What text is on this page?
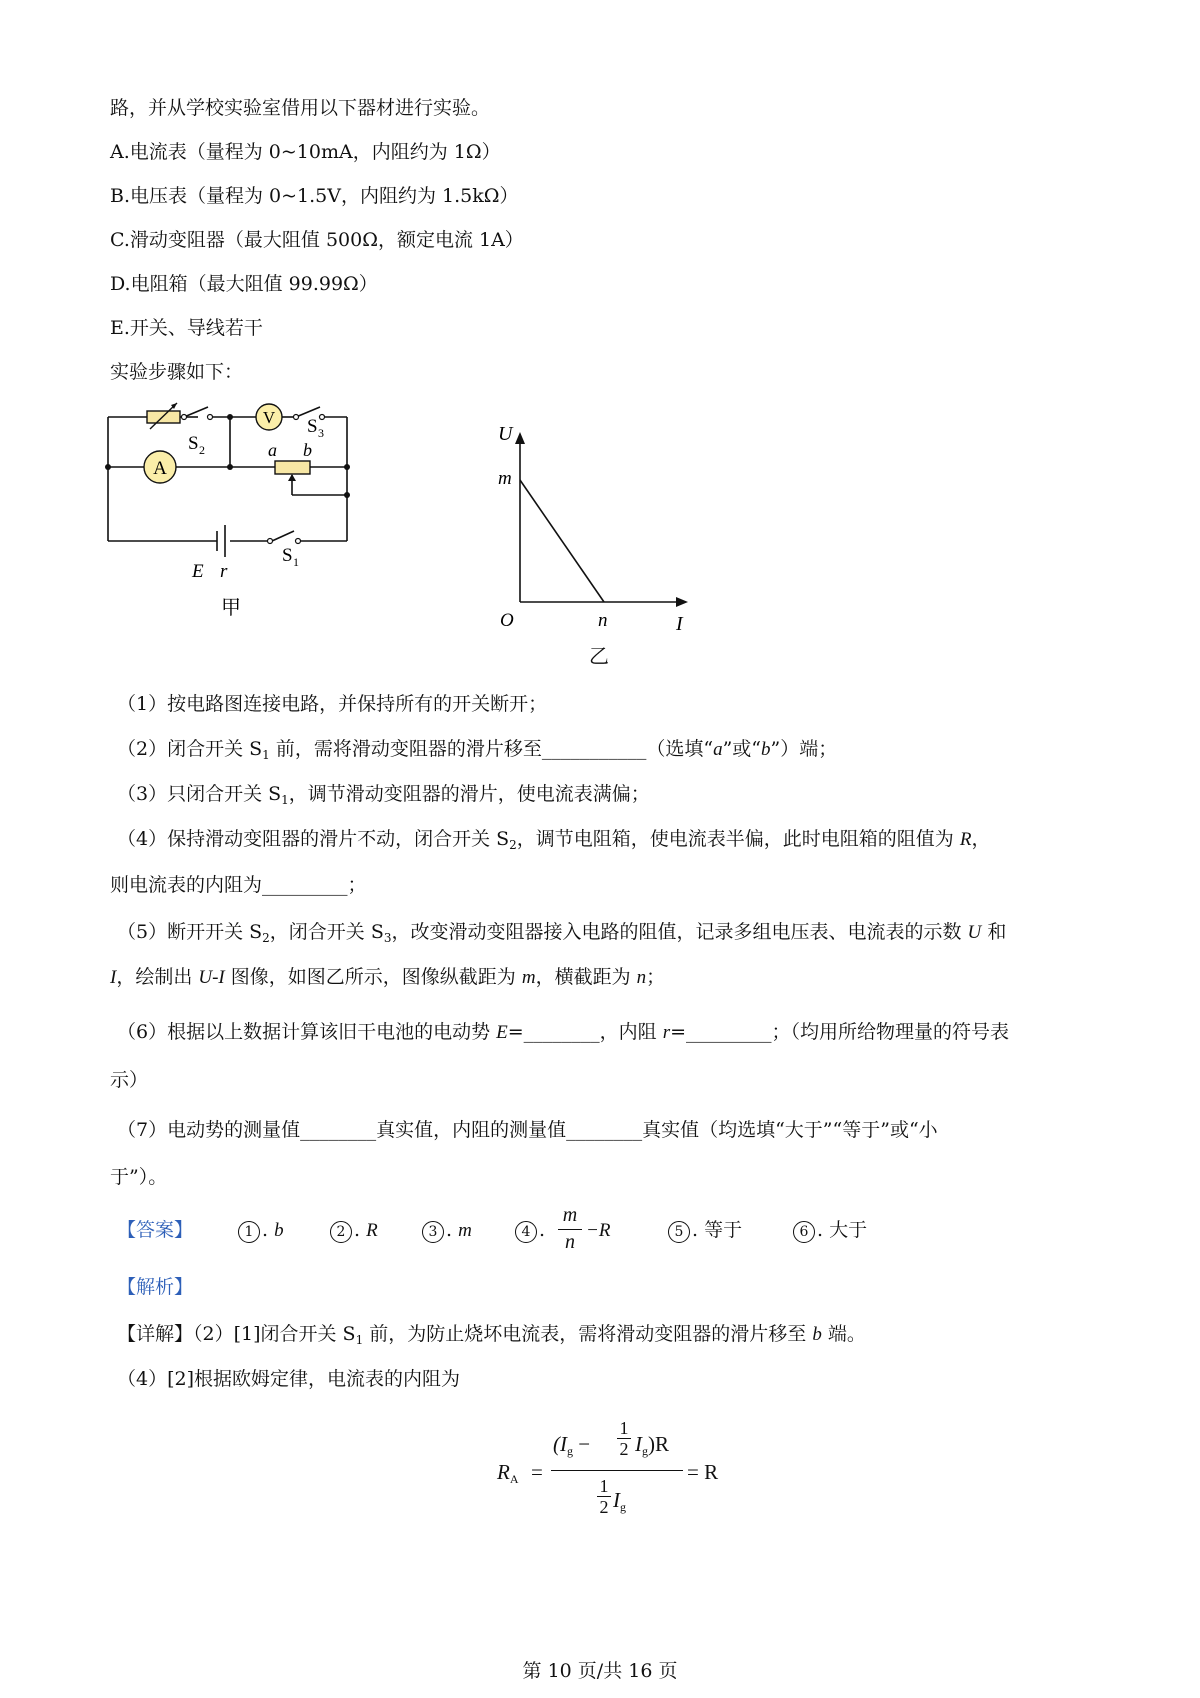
路，并从学校实验室借用以下器材进行实验。
A.电流表（量程为 0~10mA，内阻约为 1Ω）
B.电压表（量程为 0~1.5V，内阻约为 1.5kΩ）
C.滑动变阻器（最大阻值 500Ω，额定电流 1A）
D.电阻箱（最大阻值 99.99Ω）
E.开关、导线若干
实验步骤如下：
V
A
S 2
S 3
S 1
a b
E r
甲
U
I
O
m
n
乙
（1）按电路图连接电路，并保持所有的开关断开；
（2）闭合开关 $S_1$ 前，需将滑动变阻器的滑片移至___________（选填“a”或“b”）端；
（3）只闭合开关 $S_1$，调节滑动变阻器的滑片，使电流表满偏；
（4）保持滑动变阻器的滑片不动，闭合开关 $S_2$，调节电阻箱，使电流表半偏，此时电阻箱的阻值为 R，
则电流表的内阻为_________；
（5）断开开关 $S_2$，闭合开关 $S_3$，改变滑动变阻器接入电路的阻值，记录多组电压表、电流表的示数 U 和
I，绘制出 U-I 图像，如图乙所示，图像纵截距为 m，横截距为 n；
（6）根据以上数据计算该旧干电池的电动势 E=________，内阻 r=_________；（均用所给物理量的符号表
示）
（7）电动势的测量值________真实值，内阻的测量值________真实值（均选填“大于”“等于”或“小
于”）。
【答案】	1 . b	2 . R	3 . m	4 . $\frac{m}{n} -R$	5 . 等于	6 . 大于
【解析】
【详解】（2）[1]闭合开关 $S_1$ 前，为防止烧坏电流表，需将滑动变阻器的滑片移至 b 端。
（4）[2]根据欧姆定律，电流表的内阻为
$R_A$ =
$(I_g - \frac{1}{2} I_g)R$
$\frac{1}{2} I_g$
= R
第 10 页/共 16 页
